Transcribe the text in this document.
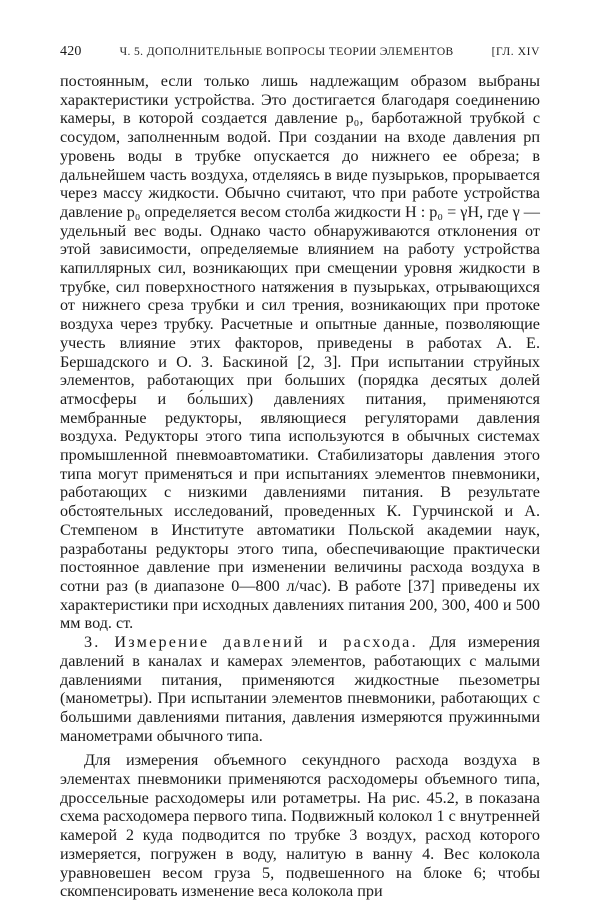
420	Ч. 5. ДОПОЛНИТЕЛЬНЫЕ ВОПРОСЫ ТЕОРИИ ЭЛЕМЕНТОВ	[ГЛ. XIV

постоянным, если только лишь надлежащим образом выбраны характеристики устройства. Это достигается благодаря соединению камеры, в которой создается давление p₀, барботажной трубкой с сосудом, заполненным водой. При создании на входе давления pп уровень воды в трубке опускается до нижнего ее обреза; в дальнейшем часть воздуха, отделяясь в виде пузырьков, прорывается через массу жидкости. Обычно считают, что при работе устройства давление p₀ определяется весом столба жидкости H : p₀ = γH, где γ — удельный вес воды. Однако часто обнаруживаются отклонения от этой зависимости, определяемые влиянием на работу устройства капиллярных сил, возникающих при смещении уровня жидкости в трубке, сил поверхностного натяжения в пузырьках, отрывающихся от нижнего среза трубки и сил трения, возникающих при протоке воздуха через трубку. Расчетные и опытные данные, позволяющие учесть влияние этих факторов, приведены в работах А. Е. Бершадского и О. З. Баскиной [2, 3]. При испытании струйных элементов, работающих при больших (порядка десятых долей атмосферы и бо́льших) давлениях питания, применяются мембранные редукторы, являющиеся регуляторами давления воздуха. Редукторы этого типа используются в обычных системах промышленной пневмоавтоматики. Стабилизаторы давления этого типа могут применяться и при испытаниях элементов пневмоники, работающих с низкими давлениями питания. В результате обстоятельных исследований, проведенных К. Гурчинской и А. Стемпеном в Институте автоматики Польской академии наук, разработаны редукторы этого типа, обеспечивающие практически постоянное давление при изменении величины расхода воздуха в сотни раз (в диапазоне 0—800 л/час). В работе [37] приведены их характеристики при исходных давлениях питания 200, 300, 400 и 500 мм вод. ст.

3. Измерение давлений и расхода. Для измерения давлений в каналах и камерах элементов, работающих с малыми давлениями питания, применяются жидкостные пьезометры (манометры). При испытании элементов пневмоники, работающих с большими давлениями питания, давления измеряются пружинными манометрами обычного типа.

Для измерения объемного секундного расхода воздуха в элементах пневмоники применяются расходомеры объемного типа, дроссельные расходомеры или ротаметры. На рис. 45.2, в показана схема расходомера первого типа. Подвижный колокол 1 с внутренней камерой 2 куда подводится по трубке 3 воздух, расход которого измеряется, погружен в воду, налитую в ванну 4. Вес колокола уравновешен весом груза 5, подвешенного на блоке 6; чтобы скомпенсировать изменение веса колокола при
